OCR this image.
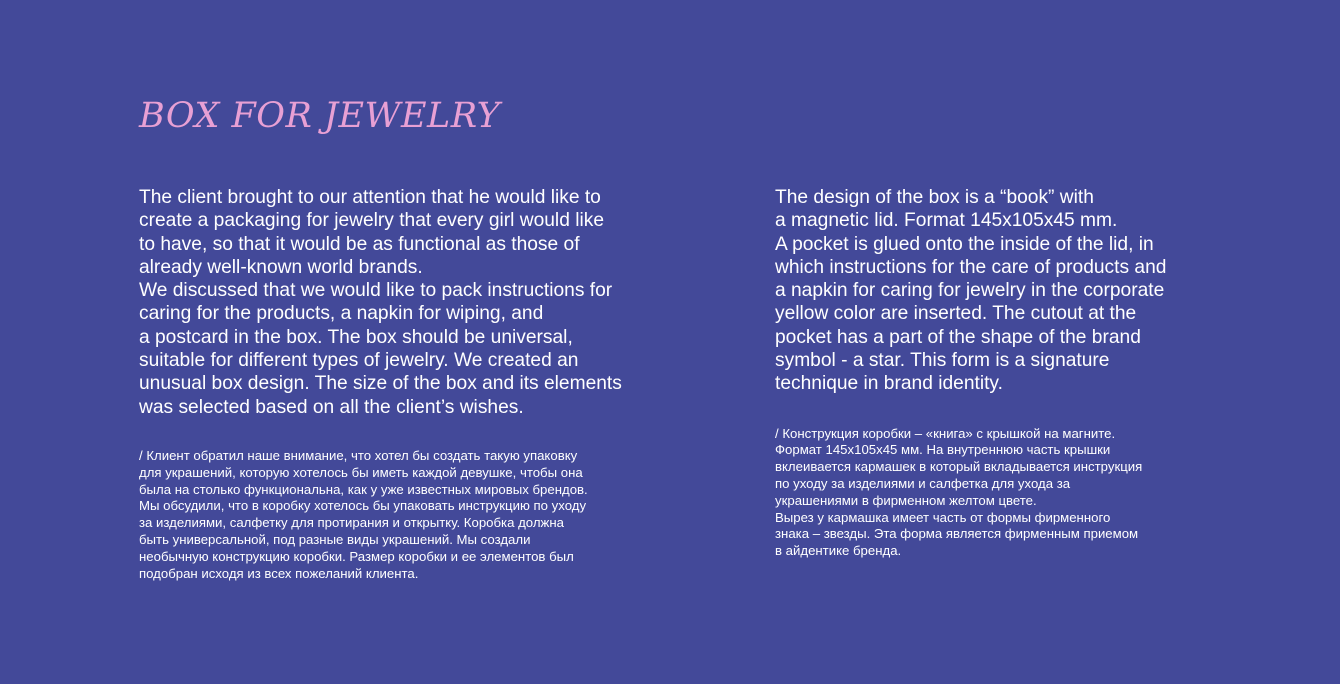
BOX FOR JEWELRY

The client brought to our attention that he would like to
create a packaging for jewelry that every girl would like
to have, so that it would be as functional as those of
already well-known world brands.
We discussed that we would like to pack instructions for
caring for the products, a napkin for wiping, and
a postcard in the box. The box should be universal,
suitable for different types of jewelry. We created an
unusual box design. The size of the box and its elements
was selected based on all the client’s wishes.

/ Клиент обратил наше внимание, что хотел бы создать такую упаковку
для украшений, которую хотелось бы иметь каждой девушке, чтобы она
была на столько функциональна, как у уже известных мировых брендов.
Мы обсудили, что в коробку хотелось бы упаковать инструкцию по уходу
за изделиями, салфетку для протирания и открытку. Коробка должна
быть универсальной, под разные виды украшений. Мы создали
необычную конструкцию коробки. Размер коробки и ее элементов был
подобран исходя из всех пожеланий клиента.

The design of the box is a “book” with
a magnetic lid. Format 145x105x45 mm.
A pocket is glued onto the inside of the lid, in
which instructions for the care of products and
a napkin for caring for jewelry in the corporate
yellow color are inserted. The cutout at the
pocket has a part of the shape of the brand
symbol - a star. This form is a signature
technique in brand identity.

/ Конструкция коробки – «книга» с крышкой на магните.
Формат 145x105x45 мм. На внутреннюю часть крышки
вклеивается кармашек в который вкладывается инструкция
по уходу за изделиями и салфетка для ухода за
украшениями в фирменном желтом цвете.
Вырез у кармашка имеет часть от формы фирменного
знака – звезды. Эта форма является фирменным приемом
в айдентике бренда.
